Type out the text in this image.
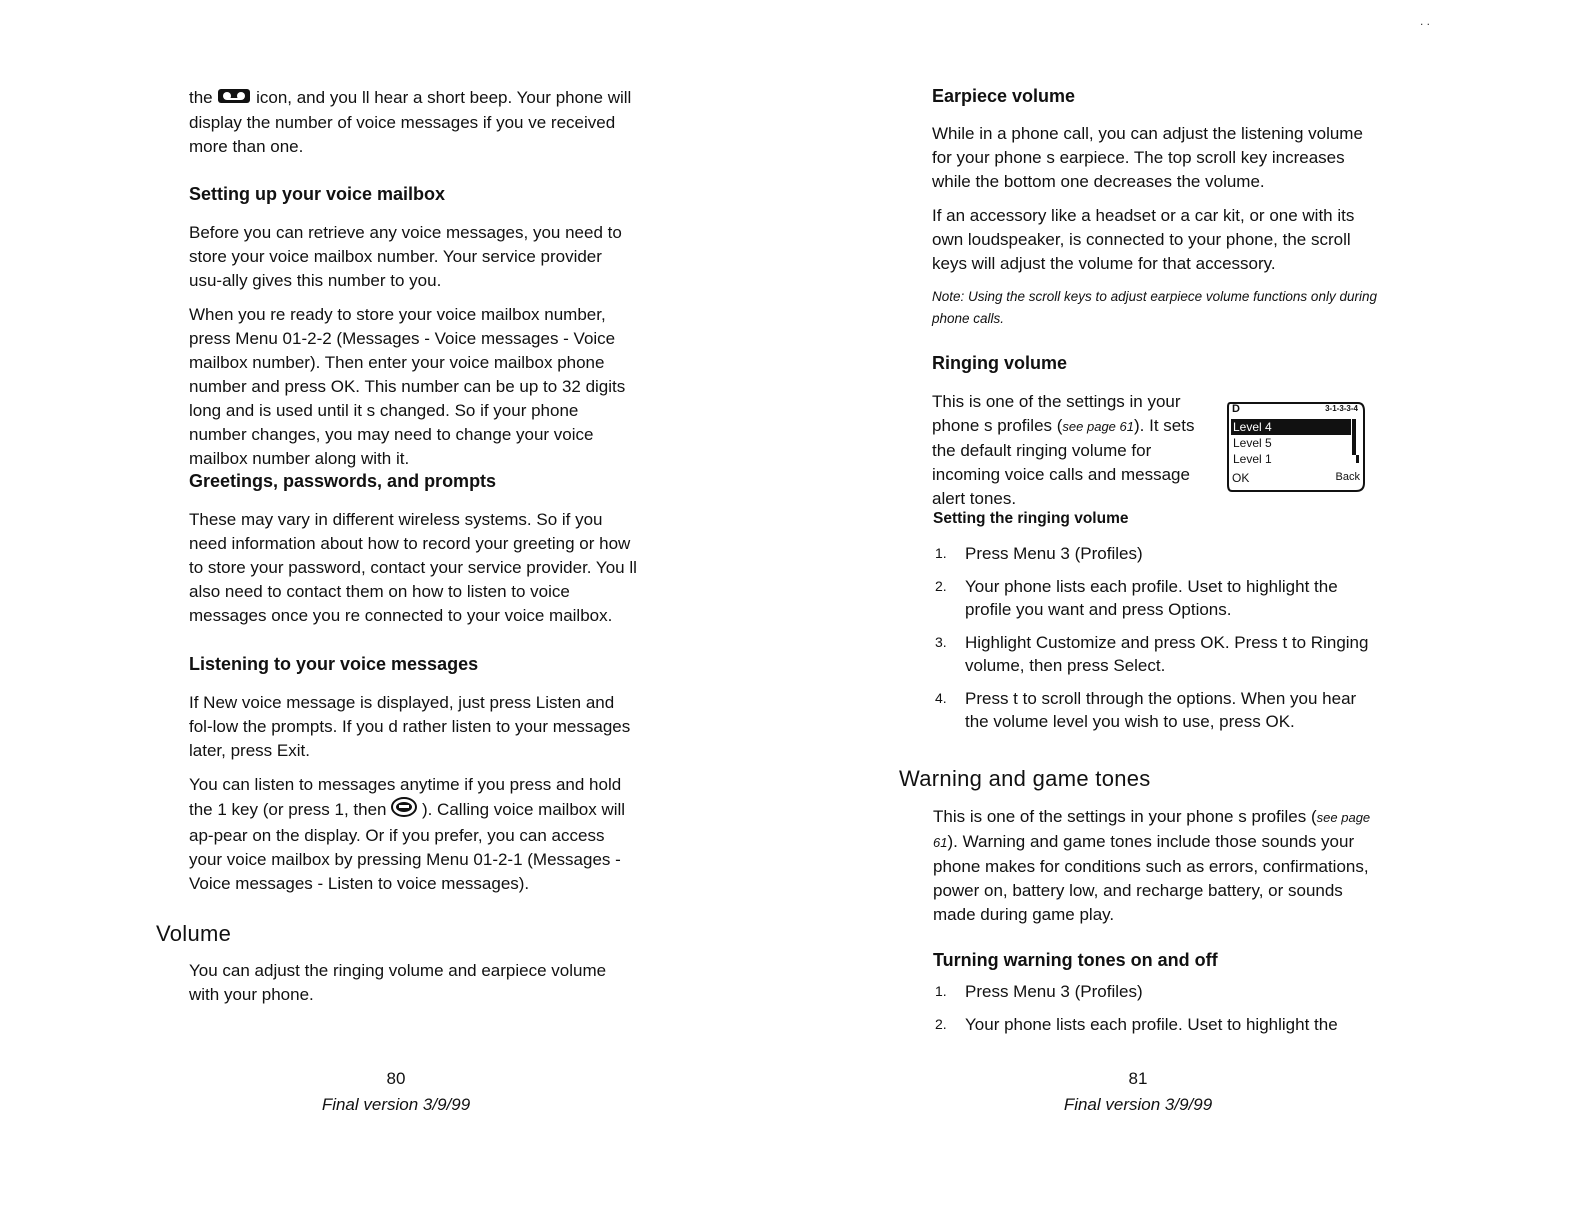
the  icon, and you ll hear a short beep. Your phone will display the number of voice messages if you ve received more than one.

Setting up your voice mailbox

Before you can retrieve any voice messages, you need to store your voice mailbox number. Your service provider usu-ally gives this number to you.

When you re ready to store your voice mailbox number, press Menu 01-2-2 (Messages - Voice messages - Voice mailbox number). Then enter your voice mailbox phone number and press OK. This number can be up to 32 digits long and is used until it s changed. So if your phone number changes, you may need to change your voice mailbox number along with it.

Greetings, passwords, and prompts

These may vary in different wireless systems. So if you need information about how to record your greeting or how to store your password, contact your service provider. You ll also need to contact them on how to listen to voice messages once you re connected to your voice mailbox.

Listening to your voice messages

If New voice message is displayed, just press Listen and fol-low the prompts. If you d rather listen to your messages later, press Exit.

You can listen to messages anytime if you press and hold the 1 key (or press 1, then  ). Calling voice mailbox will ap-pear on the display. Or if you prefer, you can access your voice mailbox by pressing Menu 01-2-1 (Messages - Voice messages - Listen to voice messages).

Volume

You can adjust the ringing volume and earpiece volume with your phone.

80
Final version 3/9/99
. .
Earpiece volume

While in a phone call, you can adjust the listening volume for your phone s earpiece. The top scroll key increases while the bottom one decreases the volume.

If an accessory like a headset or a car kit, or one with its own loudspeaker, is connected to your phone, the scroll keys will adjust the volume for that accessory.

Note: Using the scroll keys to adjust earpiece volume functions only during phone calls.

Ringing volume

This is one of the settings in your phone s profiles (see page 61). It sets the default ringing volume for incoming voice calls and message alert tones.

D	3-1-3-3-4
Level 4
Level 5
Level 1
OK	Back
Setting the ringing volume
1. Press Menu 3 (Profiles)
2. Your phone lists each profile. Uset to highlight the profile you want and press Options.
3. Highlight Customize and press OK. Press t to Ringing volume, then press Select.
4. Press t to scroll through the options. When you hear the volume level you wish to use, press OK.
Warning and game tones

This is one of the settings in your phone s profiles (see page 61). Warning and game tones include those sounds your phone makes for conditions such as errors, confirmations, power on, battery low, and recharge battery, or sounds made during game play.

Turning warning tones on and off
1. Press Menu 3 (Profiles)
2. Your phone lists each profile. Uset to highlight the
81
Final version 3/9/99
